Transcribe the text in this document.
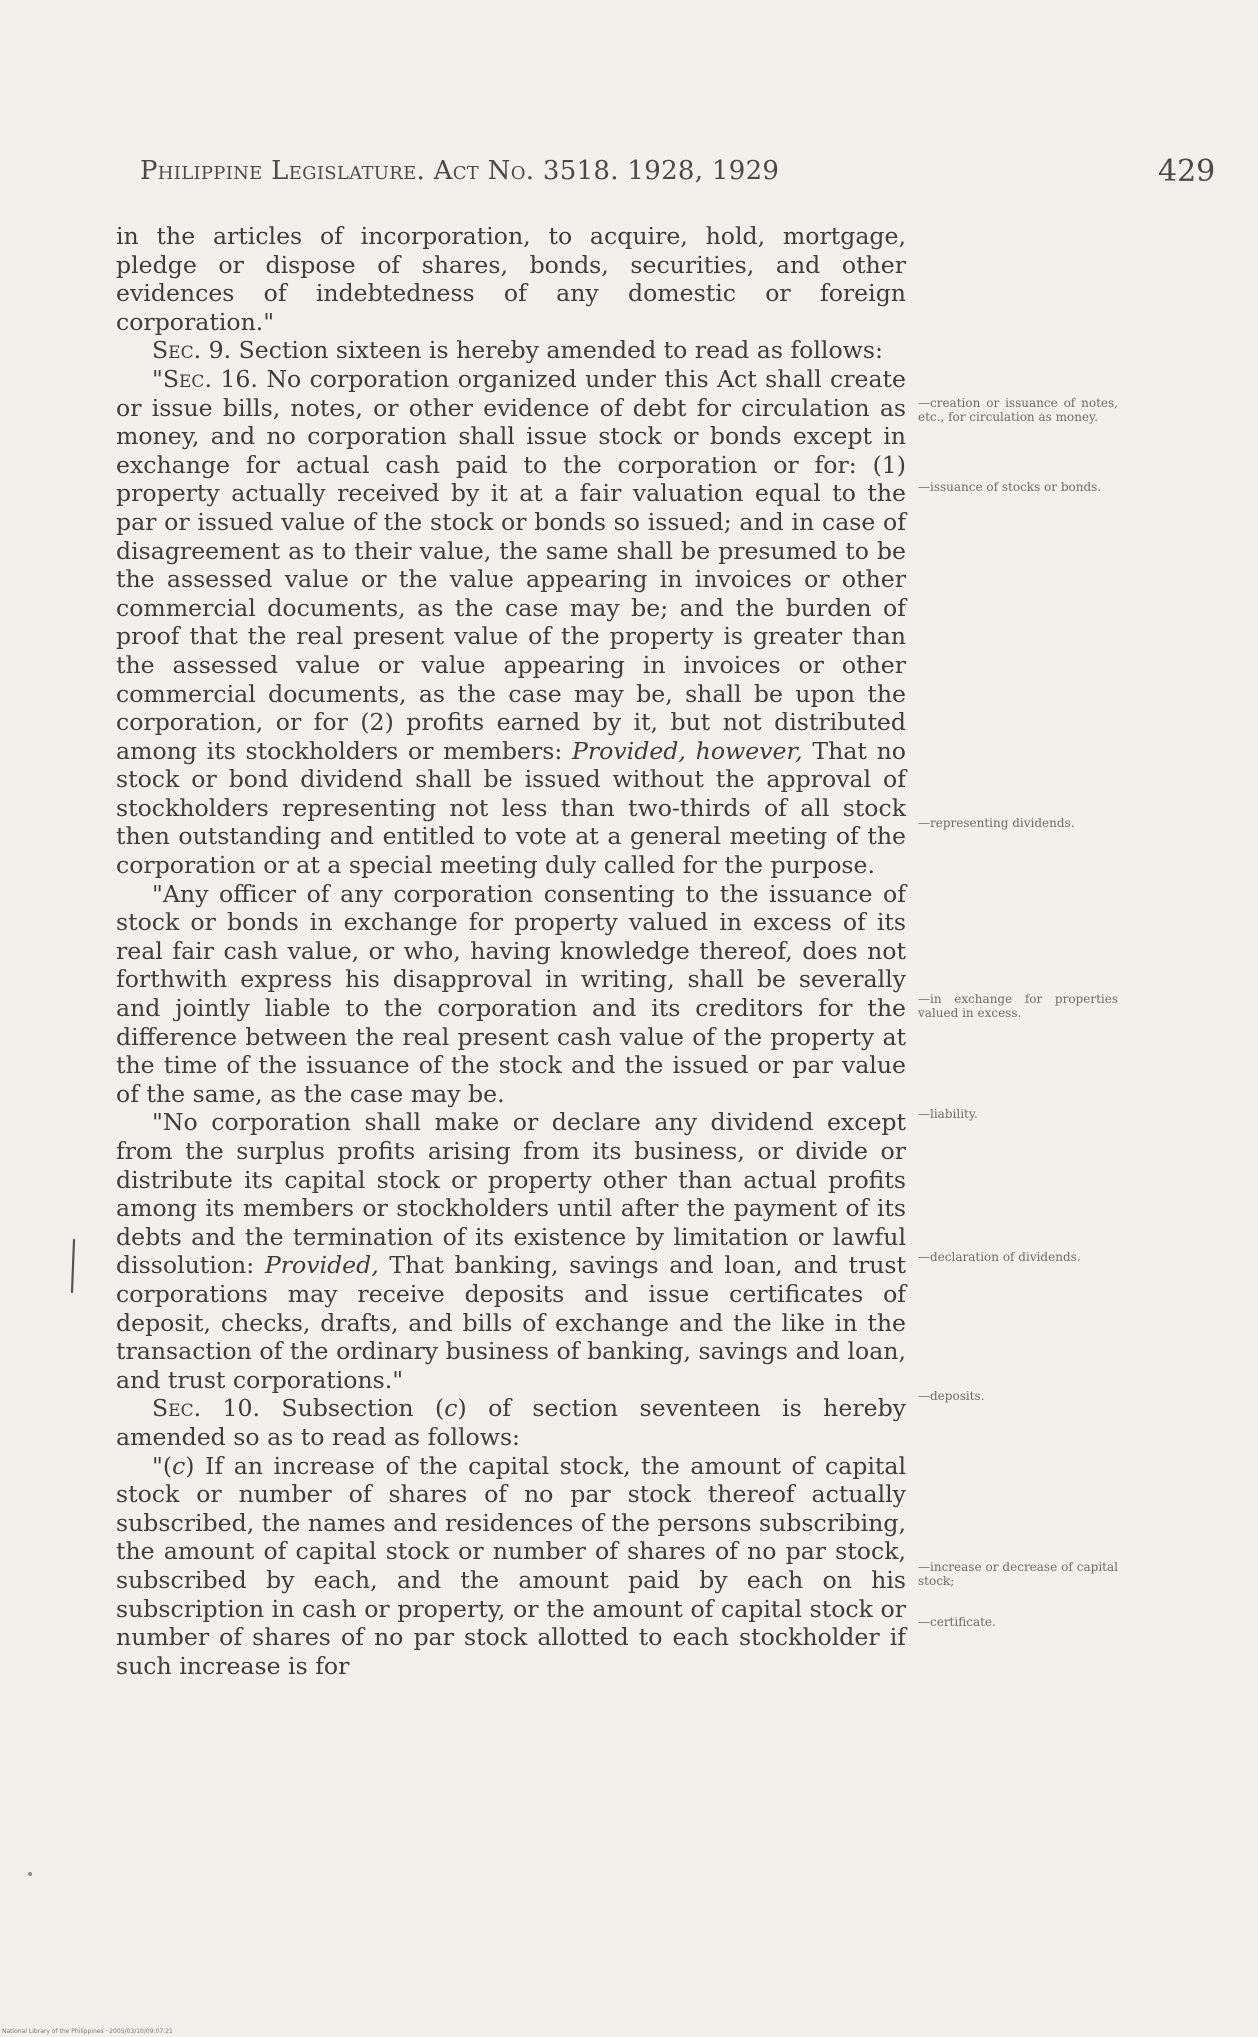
Philippine Legislature. Act No. 3518. 1928, 1929	429

in the articles of incorporation, to acquire, hold, mortgage, pledge or dispose of shares, bonds, securities, and other evidences of indebtedness of any domestic or foreign corporation."

Sec. 9. Section sixteen is hereby amended to read as follows:

"Sec. 16. No corporation organized under this Act shall create or issue bills, notes, or other evidence of debt for circulation as money, and no corporation shall issue stock or bonds except in exchange for actual cash paid to the corporation or for: (1) property actually received by it at a fair valuation equal to the par or issued value of the stock or bonds so issued; and in case of disagreement as to their value, the same shall be presumed to be the assessed value or the value appearing in invoices or other commercial documents, as the case may be; and the burden of proof that the real present value of the property is greater than the assessed value or value appearing in invoices or other commercial documents, as the case may be, shall be upon the corporation, or for (2) profits earned by it, but not distributed among its stockholders or members: Provided, however, That no stock or bond dividend shall be issued without the approval of stockholders representing not less than two-thirds of all stock then outstanding and entitled to vote at a general meeting of the corporation or at a special meeting duly called for the purpose.

"Any officer of any corporation consenting to the issuance of stock or bonds in exchange for property valued in excess of its real fair cash value, or who, having knowledge thereof, does not forthwith express his disapproval in writing, shall be severally and jointly liable to the corporation and its creditors for the difference between the real present cash value of the property at the time of the issuance of the stock and the issued or par value of the same, as the case may be.

"No corporation shall make or declare any dividend except from the surplus profits arising from its business, or divide or distribute its capital stock or property other than actual profits among its members or stockholders until after the payment of its debts and the termination of its existence by limitation or lawful dissolution: Provided, That banking, savings and loan, and trust corporations may receive deposits and issue certificates of deposit, checks, drafts, and bills of exchange and the like in the transaction of the ordinary business of banking, savings and loan, and trust corporations."

Sec. 10. Subsection (c) of section seventeen is hereby amended so as to read as follows:

"(c) If an increase of the capital stock, the amount of capital stock or number of shares of no par stock thereof actually subscribed, the names and residences of the persons subscribing, the amount of capital stock or number of shares of no par stock, subscribed by each, and the amount paid by each on his subscription in cash or property, or the amount of capital stock or number of shares of no par stock allotted to each stockholder if such increase is for

—creation or issuance of notes, etc., for circulation as money.
—issuance of stocks or bonds.
—representing dividends.
—in exchange for properties valued in excess.
—liability.
—declaration of dividends.
—deposits.
—increase or decrease of capital stock;
—certificate.
National Library of the Philippines · 2005/03/10/09:07:21
